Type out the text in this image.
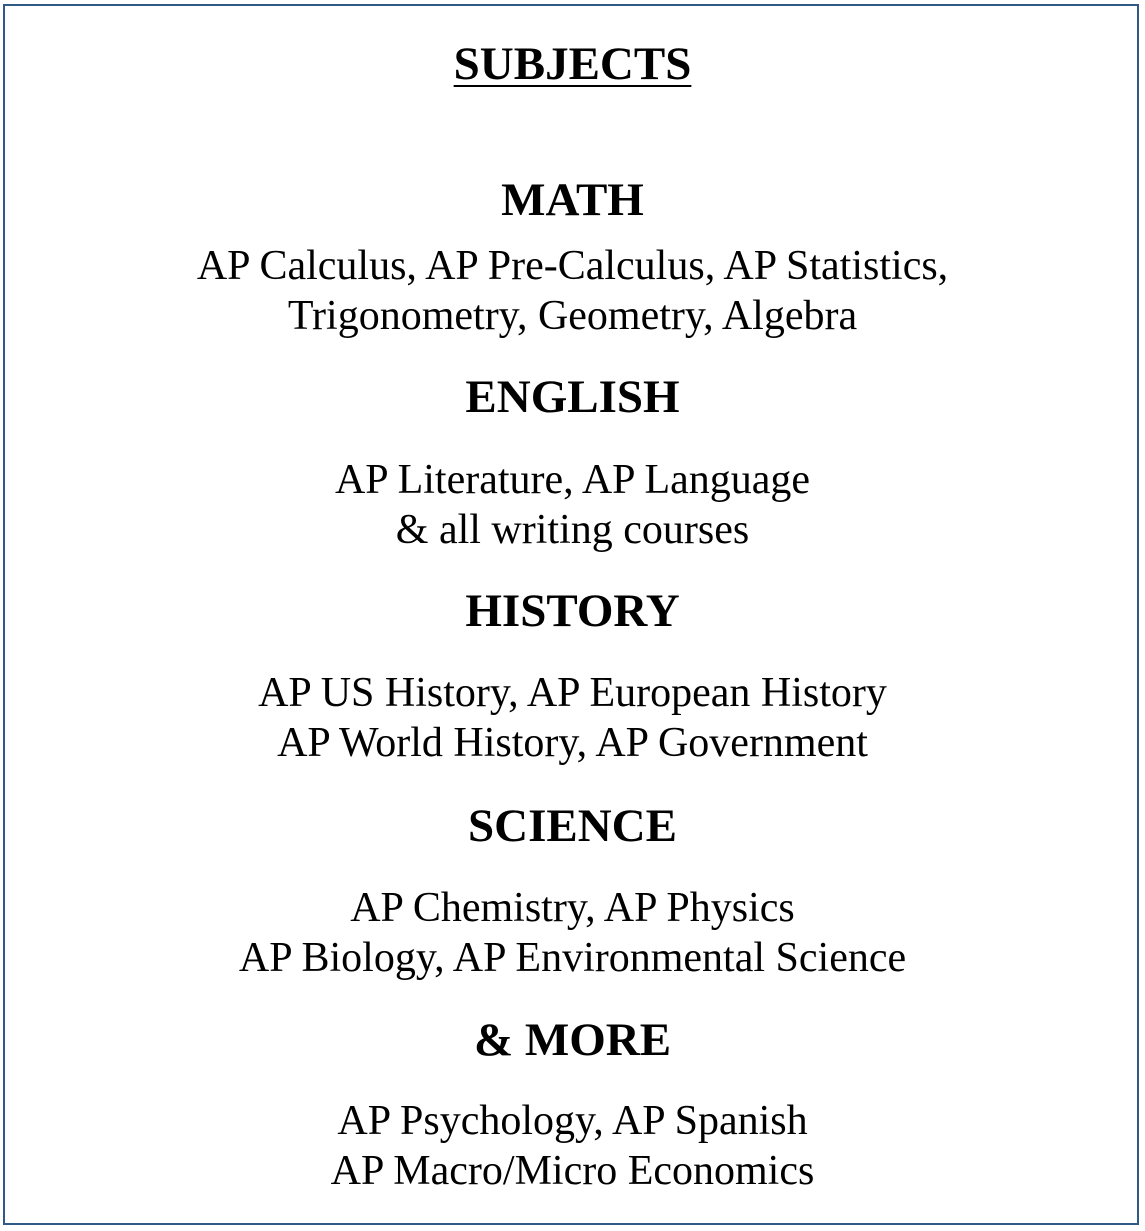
SUBJECTS
MATH
AP Calculus, AP Pre-Calculus, AP Statistics,
Trigonometry, Geometry, Algebra
ENGLISH
AP Literature, AP Language
& all writing courses
HISTORY
AP US History, AP European History
AP World History, AP Government
SCIENCE
AP Chemistry, AP Physics
AP Biology, AP Environmental Science
& MORE
AP Psychology, AP Spanish
AP Macro/Micro Economics
